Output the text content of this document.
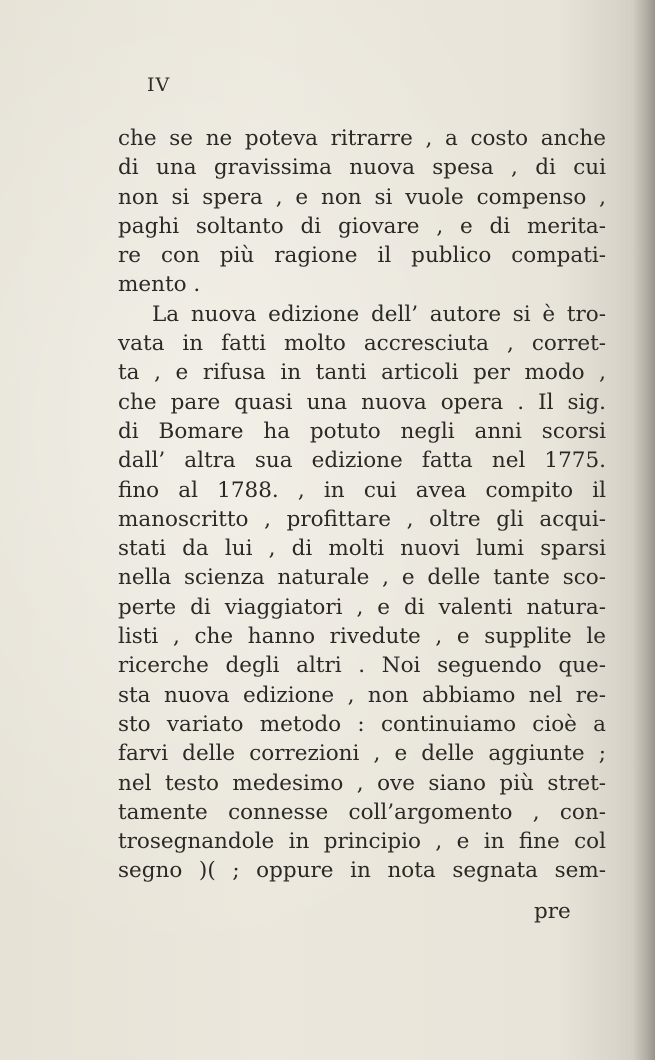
IV
che se ne poteva ritrarre , a costo anche
di una gravissima nuova spesa , di cui
non si spera , e non si vuole compenso ,
paghi soltanto di giovare , e di merita-
re con più ragione il publico compati-
mento .
La nuova edizione dell’ autore si è tro-
vata in fatti molto accresciuta , corret-
ta , e rifusa in tanti articoli per modo ,
che pare quasi una nuova opera . Il sig.
di Bomare ha potuto negli anni scorsi
dall’ altra sua edizione fatta nel 1775.
fino al 1788. , in cui avea compito il
manoscritto , profittare , oltre gli acqui-
stati da lui , di molti nuovi lumi sparsi
nella scienza naturale , e delle tante sco-
perte di viaggiatori , e di valenti natura-
listi , che hanno rivedute , e supplite le
ricerche degli altri . Noi seguendo que-
sta nuova edizione , non abbiamo nel re-
sto variato metodo : continuiamo cioè a
farvi delle correzioni , e delle aggiunte ;
nel testo medesimo , ove siano più stret-
tamente connesse coll’argomento , con-
trosegnandole in principio , e in fine col
segno )( ; oppure in nota segnata sem-
pre
